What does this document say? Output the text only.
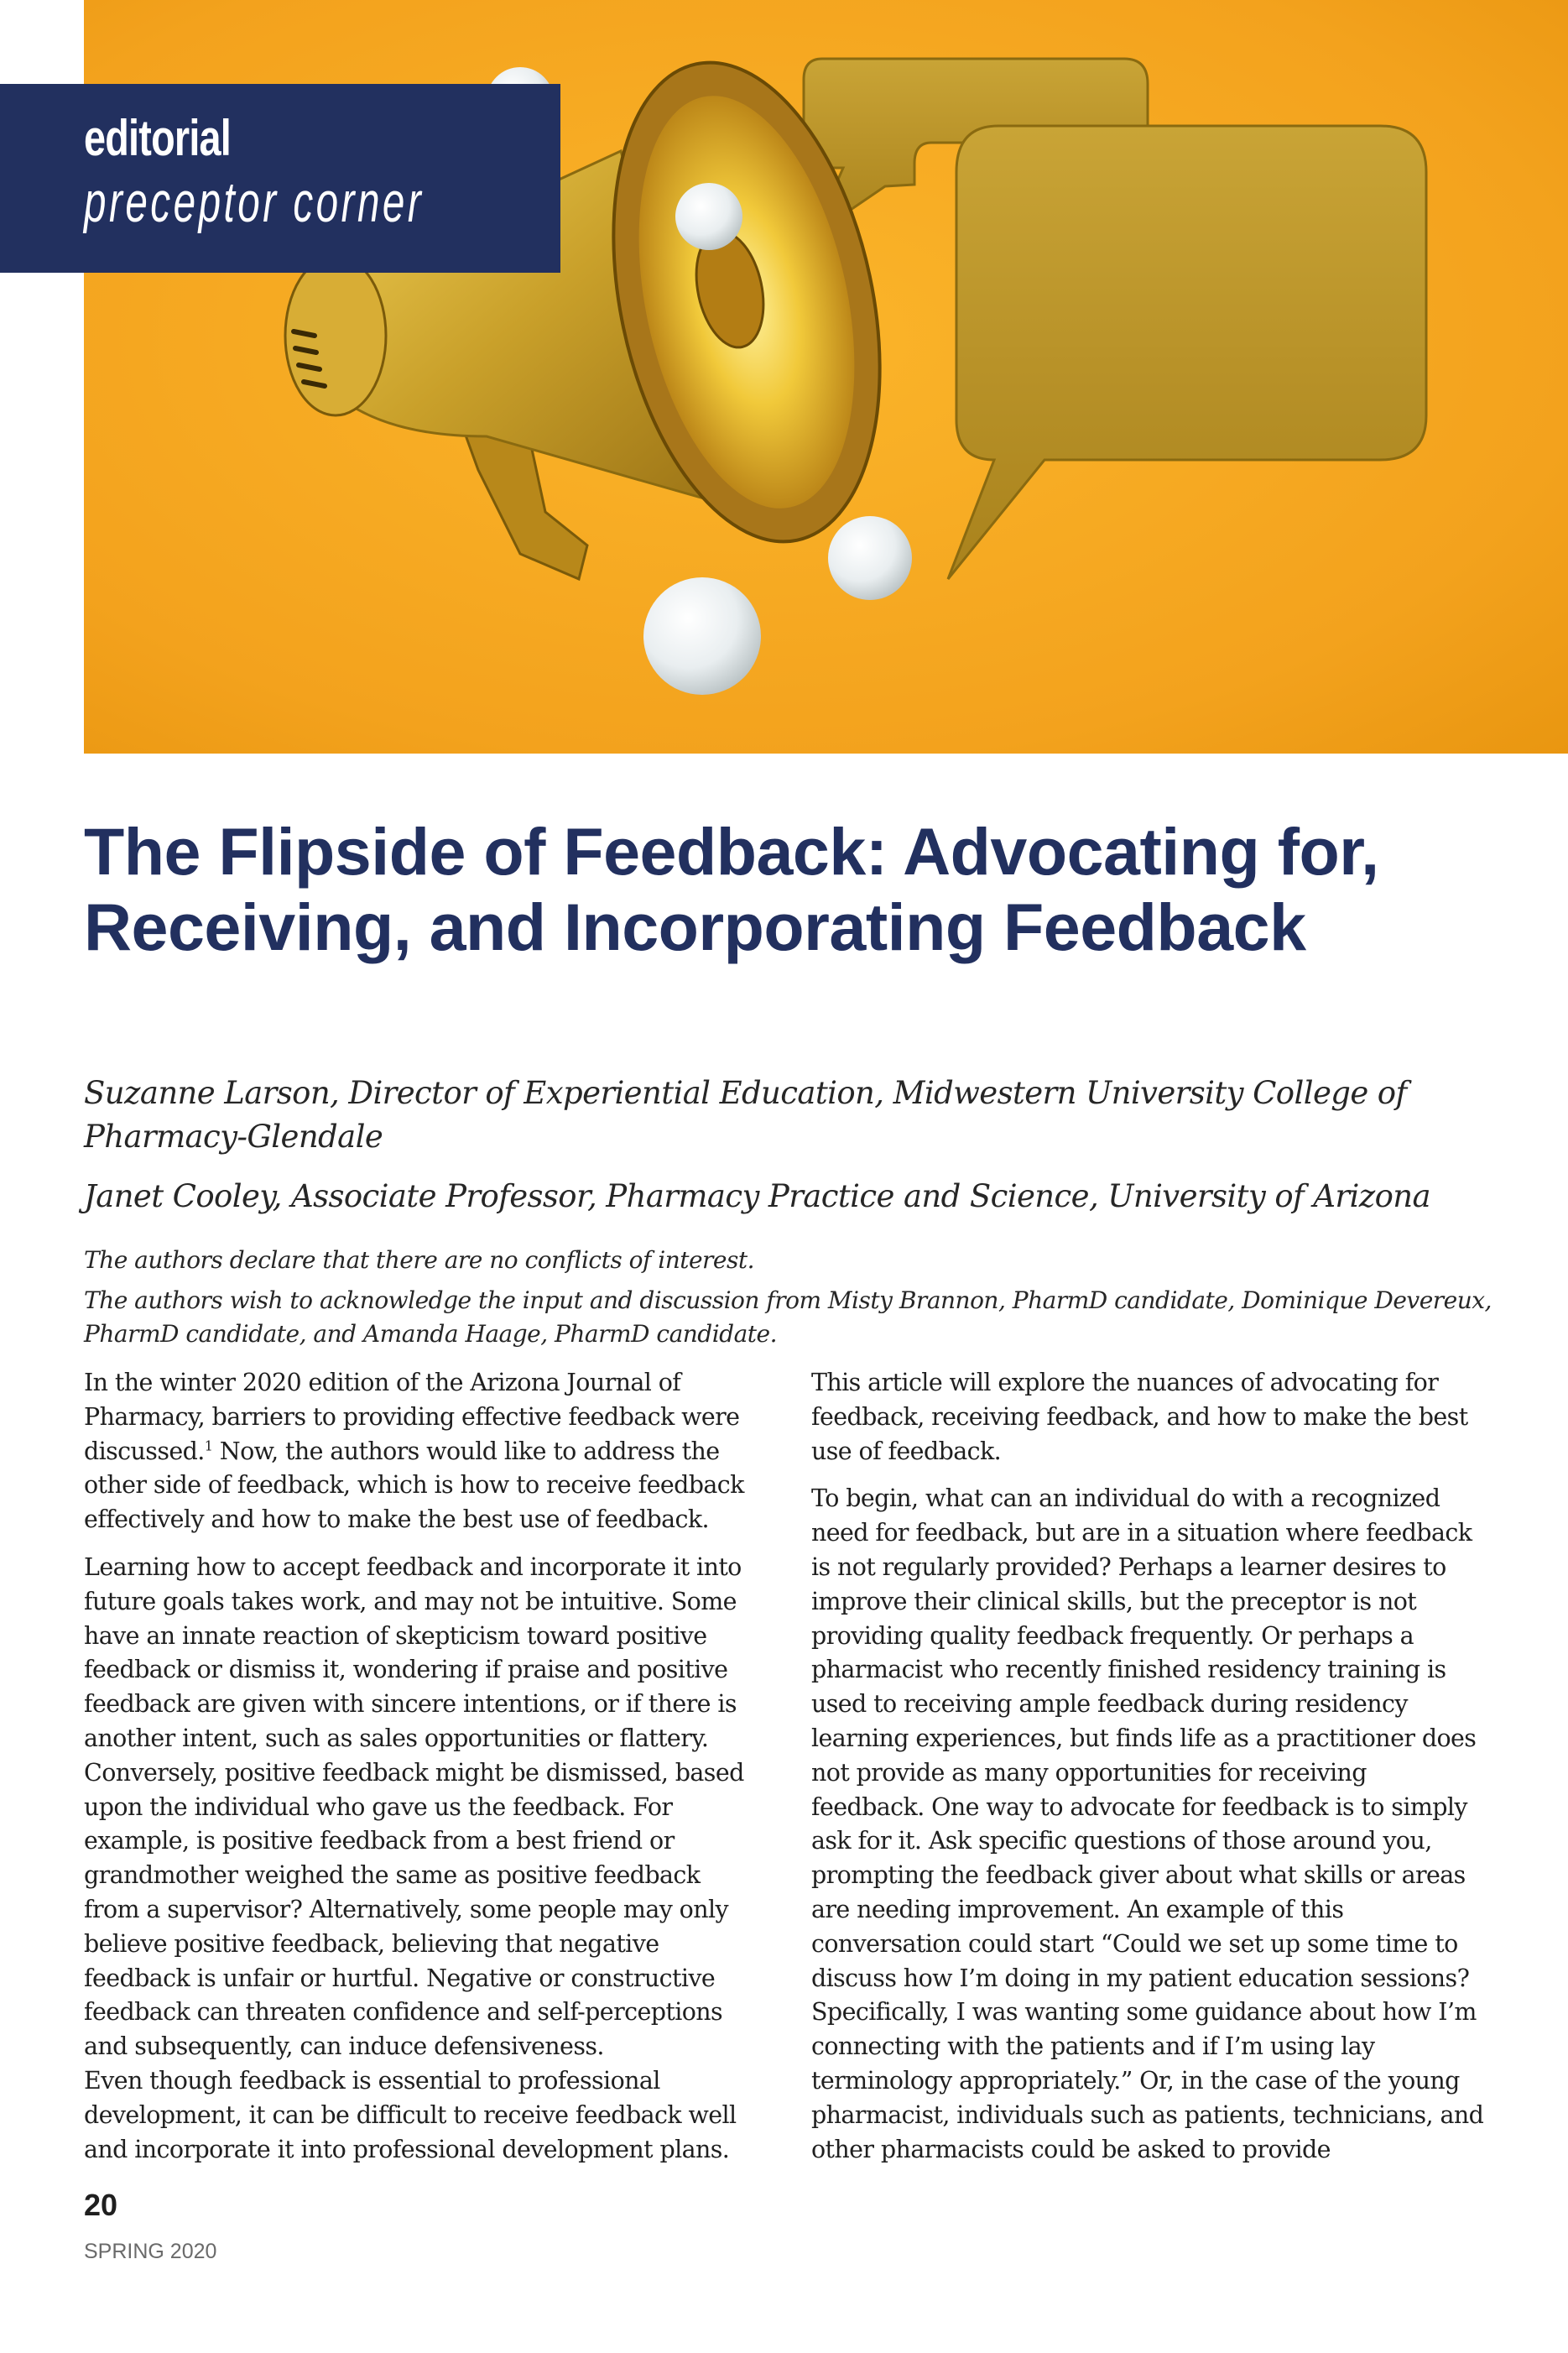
editorial
preceptor corner
The Flipside of Feedback: Advocating for, Receiving, and Incorporating Feedback

Suzanne Larson, Director of Experiential Education, Midwestern University College of Pharmacy-Glendale

Janet Cooley, Associate Professor, Pharmacy Practice and Science, University of Arizona

The authors declare that there are no conflicts of interest.

The authors wish to acknowledge the input and discussion from Misty Brannon, PharmD candidate, Dominique Devereux, PharmD candidate, and Amanda Haage, PharmD candidate.

In the winter 2020 edition of the Arizona Journal of Pharmacy, barriers to providing effective feedback were discussed.$^1$ Now, the authors would like to address the other side of feedback, which is how to receive feedback effectively and how to make the best use of feedback.

Learning how to accept feedback and incorporate it into future goals takes work, and may not be intuitive. Some have an innate reaction of skepticism toward positive feedback or dismiss it, wondering if praise and positive feedback are given with sincere intentions, or if there is another intent, such as sales opportunities or flattery. Conversely, positive feedback might be dismissed, based upon the individual who gave us the feedback. For example, is positive feedback from a best friend or grandmother weighed the same as positive feedback from a supervisor? Alternatively, some people may only believe positive feedback, believing that negative feedback is unfair or hurtful. Negative or constructive feedback can threaten confidence and self-perceptions and subsequently, can induce defensiveness.

Even though feedback is essential to professional development, it can be difficult to receive feedback well and incorporate it into professional development plans.

This article will explore the nuances of advocating for feedback, receiving feedback, and how to make the best use of feedback.

To begin, what can an individual do with a recognized need for feedback, but are in a situation where feedback is not regularly provided? Perhaps a learner desires to improve their clinical skills, but the preceptor is not providing quality feedback frequently. Or perhaps a pharmacist who recently finished residency training is used to receiving ample feedback during residency learning experiences, but finds life as a practitioner does not provide as many opportunities for receiving feedback. One way to advocate for feedback is to simply ask for it. Ask specific questions of those around you, prompting the feedback giver about what skills or areas are needing improvement. An example of this conversation could start “Could we set up some time to discuss how I’m doing in my patient education sessions? Specifically, I was wanting some guidance about how I’m connecting with the patients and if I’m using lay terminology appropriately.” Or, in the case of the young pharmacist, individuals such as patients, technicians, and other pharmacists could be asked to provide

20

SPRING 2020
